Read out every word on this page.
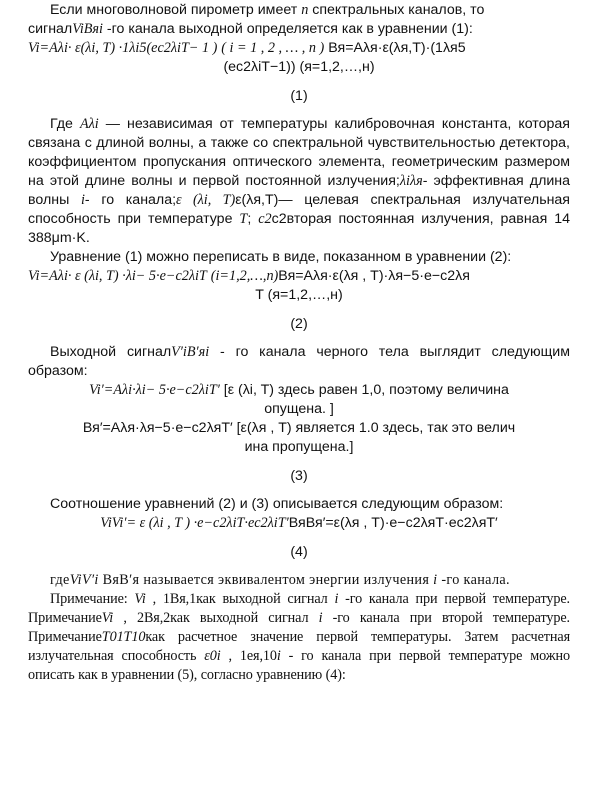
Если многоволновой пирометр имеет n спектральных каналов, то

сигналViBяi -го канала выходной определяется как в уравнении (1):

Vi=Aλi· ε(λi, T) ·1λi5(ec2λiT− 1 ) ( i = 1 , 2 , … , n ) Вя=Аλя·ε(λя,T)·(1λя5

(ес2λiT−1)) (я=1,2,…,н)

(1)

Где Aλi — независимая от температуры калибровочная константа, которая связана с длиной волны, а также со спектральной чувствительностью детектора, коэффициентом пропускания оптического элемента, геометрическим размером на этой длине волны и первой постоянной излучения;λiλя- эффективная длина волны i- го канала;ε (λi, T)ε(λя,T)— целевая спектральная излучательная способность при температуре T; c2c2вторая постоянная излучения, равная 14 388μm·K.

Уравнение (1) можно переписать в виде, показанном в уравнении (2):

Vi=Aλi· ε (λi, T) ·λi− 5·e−c2λiT (i=1,2,…,n)Вя=Аλя·ε(λя , T)·λя−5·е−с2λя

T (я=1,2,…,н)

(2)

Выходной сигналV′iB′яi - го канала черного тела выглядит следующим образом:

Vi′=Aλi·λi− 5·e−c2λiT′ [ε (λi, T) здесь равен 1,0, поэтому величина

опущена. ]

Вя′=Аλя·λя−5·е−с2λяТ′ [ε(λя , T) является 1.0 здесь, так это велич

ина пропущена.]

(3)

Соотношение уравнений (2) и (3) описывается следующим образом:

ViVi′= ε (λi , T ) ·e−c2λiT·ec2λiT′ВяВя′=ε(λя , T)·е−с2λяТ·ес2λяТ′

(4)

гдеViV′i ВяВ′я называется эквивалентом энергии излучения i -го канала.

Примечание: Vi , 1Вя,1как выходной сигнал i -го канала при первой температуре. ПримечаниеVi , 2Вя,2как выходной сигнал i -го канала при второй температуре. ПримечаниеT01T10как расчетное значение первой температуры. Затем расчетная излучательная способность ε0i , 1ея,10i - го канала при первой температуре можно описать как в уравнении (5), согласно уравнению (4):
